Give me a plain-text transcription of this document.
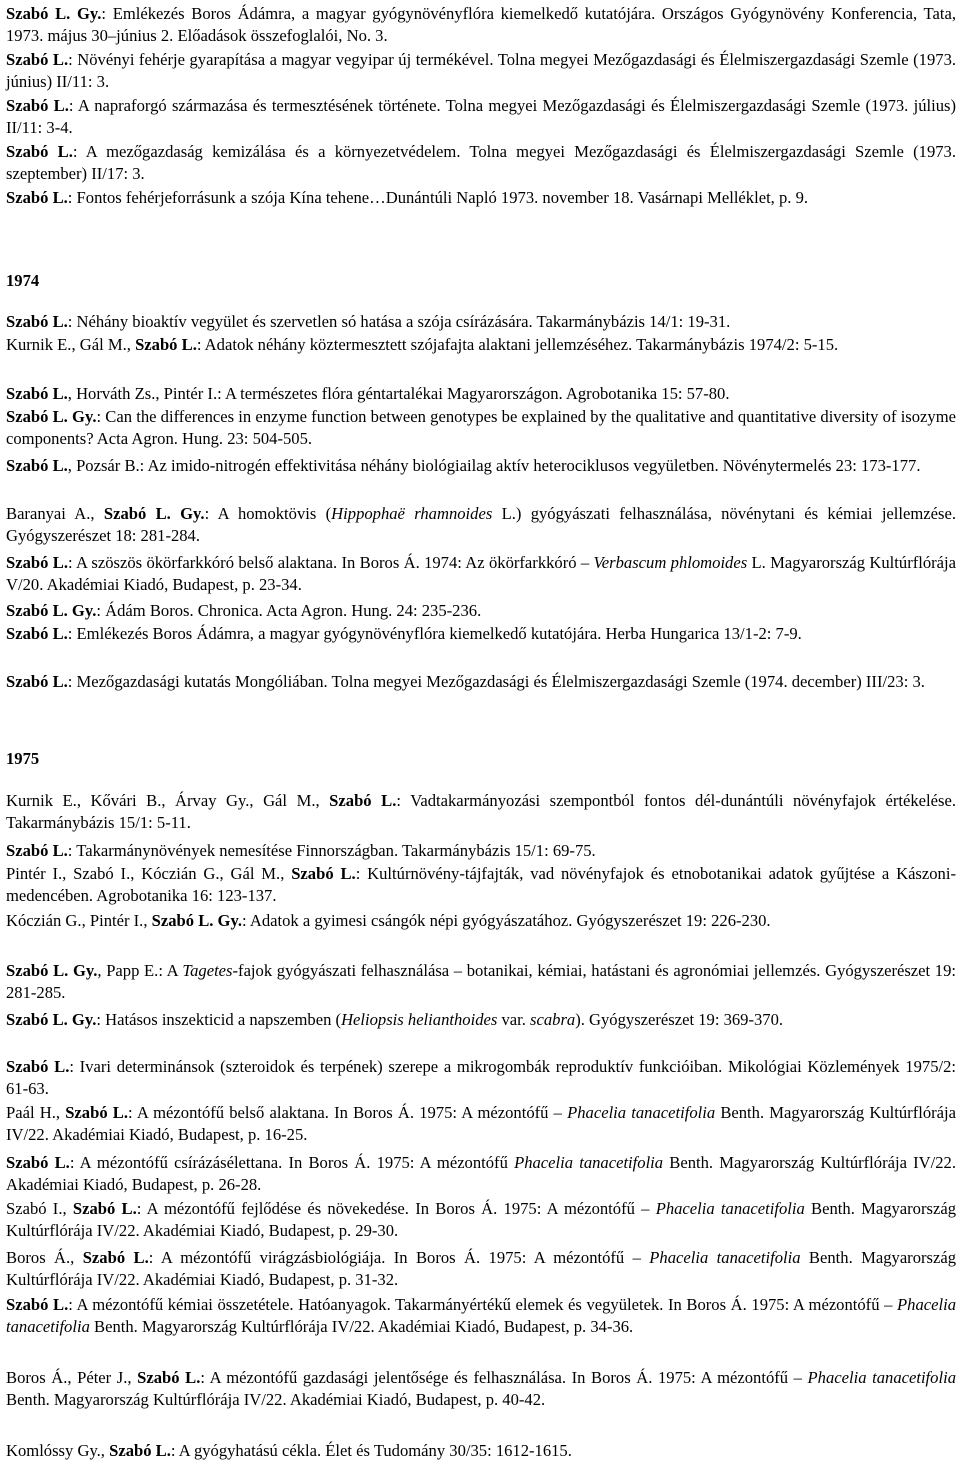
1974
1975
Szabó L. Gy.: Emlékezés Boros Ádámra, a magyar gyógynövényflóra kiemelkedő kutatójára. Országos Gyógynövény Konferencia, Tata, 1973. május 30–június 2. Előadások összefoglalói, No. 3.
Szabó L.: Növényi fehérje gyarapítása a magyar vegyipar új termékével. Tolna megyei Mezőgazdasági és Élelmiszergazdasági Szemle (1973. június) II/11: 3.
Szabó L.: A napraforgó származása és termesztésének története. Tolna megyei Mezőgazdasági és Élelmiszergazdasági Szemle (1973. július) II/11: 3-4.
Szabó L.: A mezőgazdaság kemizálása és a környezetvédelem. Tolna megyei Mezőgazdasági és Élelmiszergazdasági Szemle (1973. szeptember) II/17: 3.
Szabó L.: Fontos fehérjeforrásunk a szója Kína tehene…Dunántúli Napló 1973. november 18. Vasárnapi Melléklet, p. 9.
Szabó L.: Néhány bioaktív vegyület és szervetlen só hatása a szója csírázására. Takarmánybázis 14/1: 19-31.
Kurnik E., Gál M., Szabó L.: Adatok néhány köztermesztett szójafajta alaktani jellemzéséhez. Takarmánybázis 1974/2: 5-15.
Szabó L., Horváth Zs., Pintér I.: A természetes flóra géntartalékai Magyarországon. Agrobotanika 15: 57-80.
Szabó L. Gy.: Can the differences in enzyme function between genotypes be explained by the qualitative and quantitative diversity of isozyme components? Acta Agron. Hung. 23: 504-505.
Szabó L., Pozsár B.: Az imido-nitrogén effektivitása néhány biológiailag aktív heterociklusos vegyületben. Növénytermelés 23: 173-177.
Baranyai A., Szabó L. Gy.: A homoktövis (Hippophaë rhamnoides L.) gyógyászati felhasználása, növénytani és kémiai jellemzése. Gyógyszerészet 18: 281-284.
Szabó L.: A szöszös ökörfarkkóró belső alaktana. In Boros Á. 1974: Az ökörfarkkóró – Verbascum phlomoides L. Magyarország Kultúrflórája V/20. Akadémiai Kiadó, Budapest, p. 23-34.
Szabó L. Gy.: Ádám Boros. Chronica. Acta Agron. Hung. 24: 235-236.
Szabó L.: Emlékezés Boros Ádámra, a magyar gyógynövényflóra kiemelkedő kutatójára. Herba Hungarica 13/1-2: 7-9.
Szabó L.: Mezőgazdasági kutatás Mongóliában. Tolna megyei Mezőgazdasági és Élelmiszergazdasági Szemle (1974. december) III/23: 3.
Kurnik E., Kővári B., Árvay Gy., Gál M., Szabó L.: Vadtakarmányozási szempontból fontos dél-dunántúli növényfajok értékelése. Takarmánybázis 15/1: 5-11.
Szabó L.: Takarmánynövények nemesítése Finnországban. Takarmánybázis 15/1: 69-75.
Pintér I., Szabó I., Kóczián G., Gál M., Szabó L.: Kultúrnövény-tájfajták, vad növényfajok és etnobotanikai adatok gyűjtése a Kászoni-medencében. Agrobotanika 16: 123-137.
Kóczián G., Pintér I., Szabó L. Gy.: Adatok a gyimesi csángók népi gyógyászatához. Gyógyszerészet 19: 226-230.
Szabó L. Gy., Papp E.: A Tagetes-fajok gyógyászati felhasználása – botanikai, kémiai, hatástani és agronómiai jellemzés. Gyógyszerészet 19: 281-285.
Szabó L. Gy.: Hatásos inszekticid a napszemben (Heliopsis helianthoides var. scabra). Gyógyszerészet 19: 369-370.
Szabó L.: Ivari determinánsok (szteroidok és terpének) szerepe a mikrogombák reproduktív funkcióiban. Mikológiai Közlemények 1975/2: 61-63.
Paál H., Szabó L.: A mézontófű belső alaktana. In Boros Á. 1975: A mézontófű – Phacelia tanacetifolia Benth. Magyarország Kultúrflórája IV/22. Akadémiai Kiadó, Budapest, p. 16-25.
Szabó L.: A mézontófű csírázásélettana. In Boros Á. 1975: A mézontófű Phacelia tanacetifolia Benth. Magyarország Kultúrflórája IV/22. Akadémiai Kiadó, Budapest, p. 26-28.
Szabó I., Szabó L.: A mézontófű fejlődése és növekedése. In Boros Á. 1975: A mézontófű – Phacelia tanacetifolia Benth. Magyarország Kultúrflórája IV/22. Akadémiai Kiadó, Budapest, p. 29-30.
Boros Á., Szabó L.: A mézontófű virágzásbiológiája. In Boros Á. 1975: A mézontófű – Phacelia tanacetifolia Benth. Magyarország Kultúrflórája IV/22. Akadémiai Kiadó, Budapest, p. 31-32.
Szabó L.: A mézontófű kémiai összetétele. Hatóanyagok. Takarmányértékű elemek és vegyületek. In Boros Á. 1975: A mézontófű – Phacelia tanacetifolia Benth. Magyarország Kultúrflórája IV/22. Akadémiai Kiadó, Budapest, p. 34-36.
Boros Á., Péter J., Szabó L.: A mézontófű gazdasági jelentősége és felhasználása. In Boros Á. 1975: A mézontófű – Phacelia tanacetifolia Benth. Magyarország Kultúrflórája IV/22. Akadémiai Kiadó, Budapest, p. 40-42.
Komlóssy Gy., Szabó L.: A gyógyhatású cékla. Élet és Tudomány 30/35: 1612-1615.
